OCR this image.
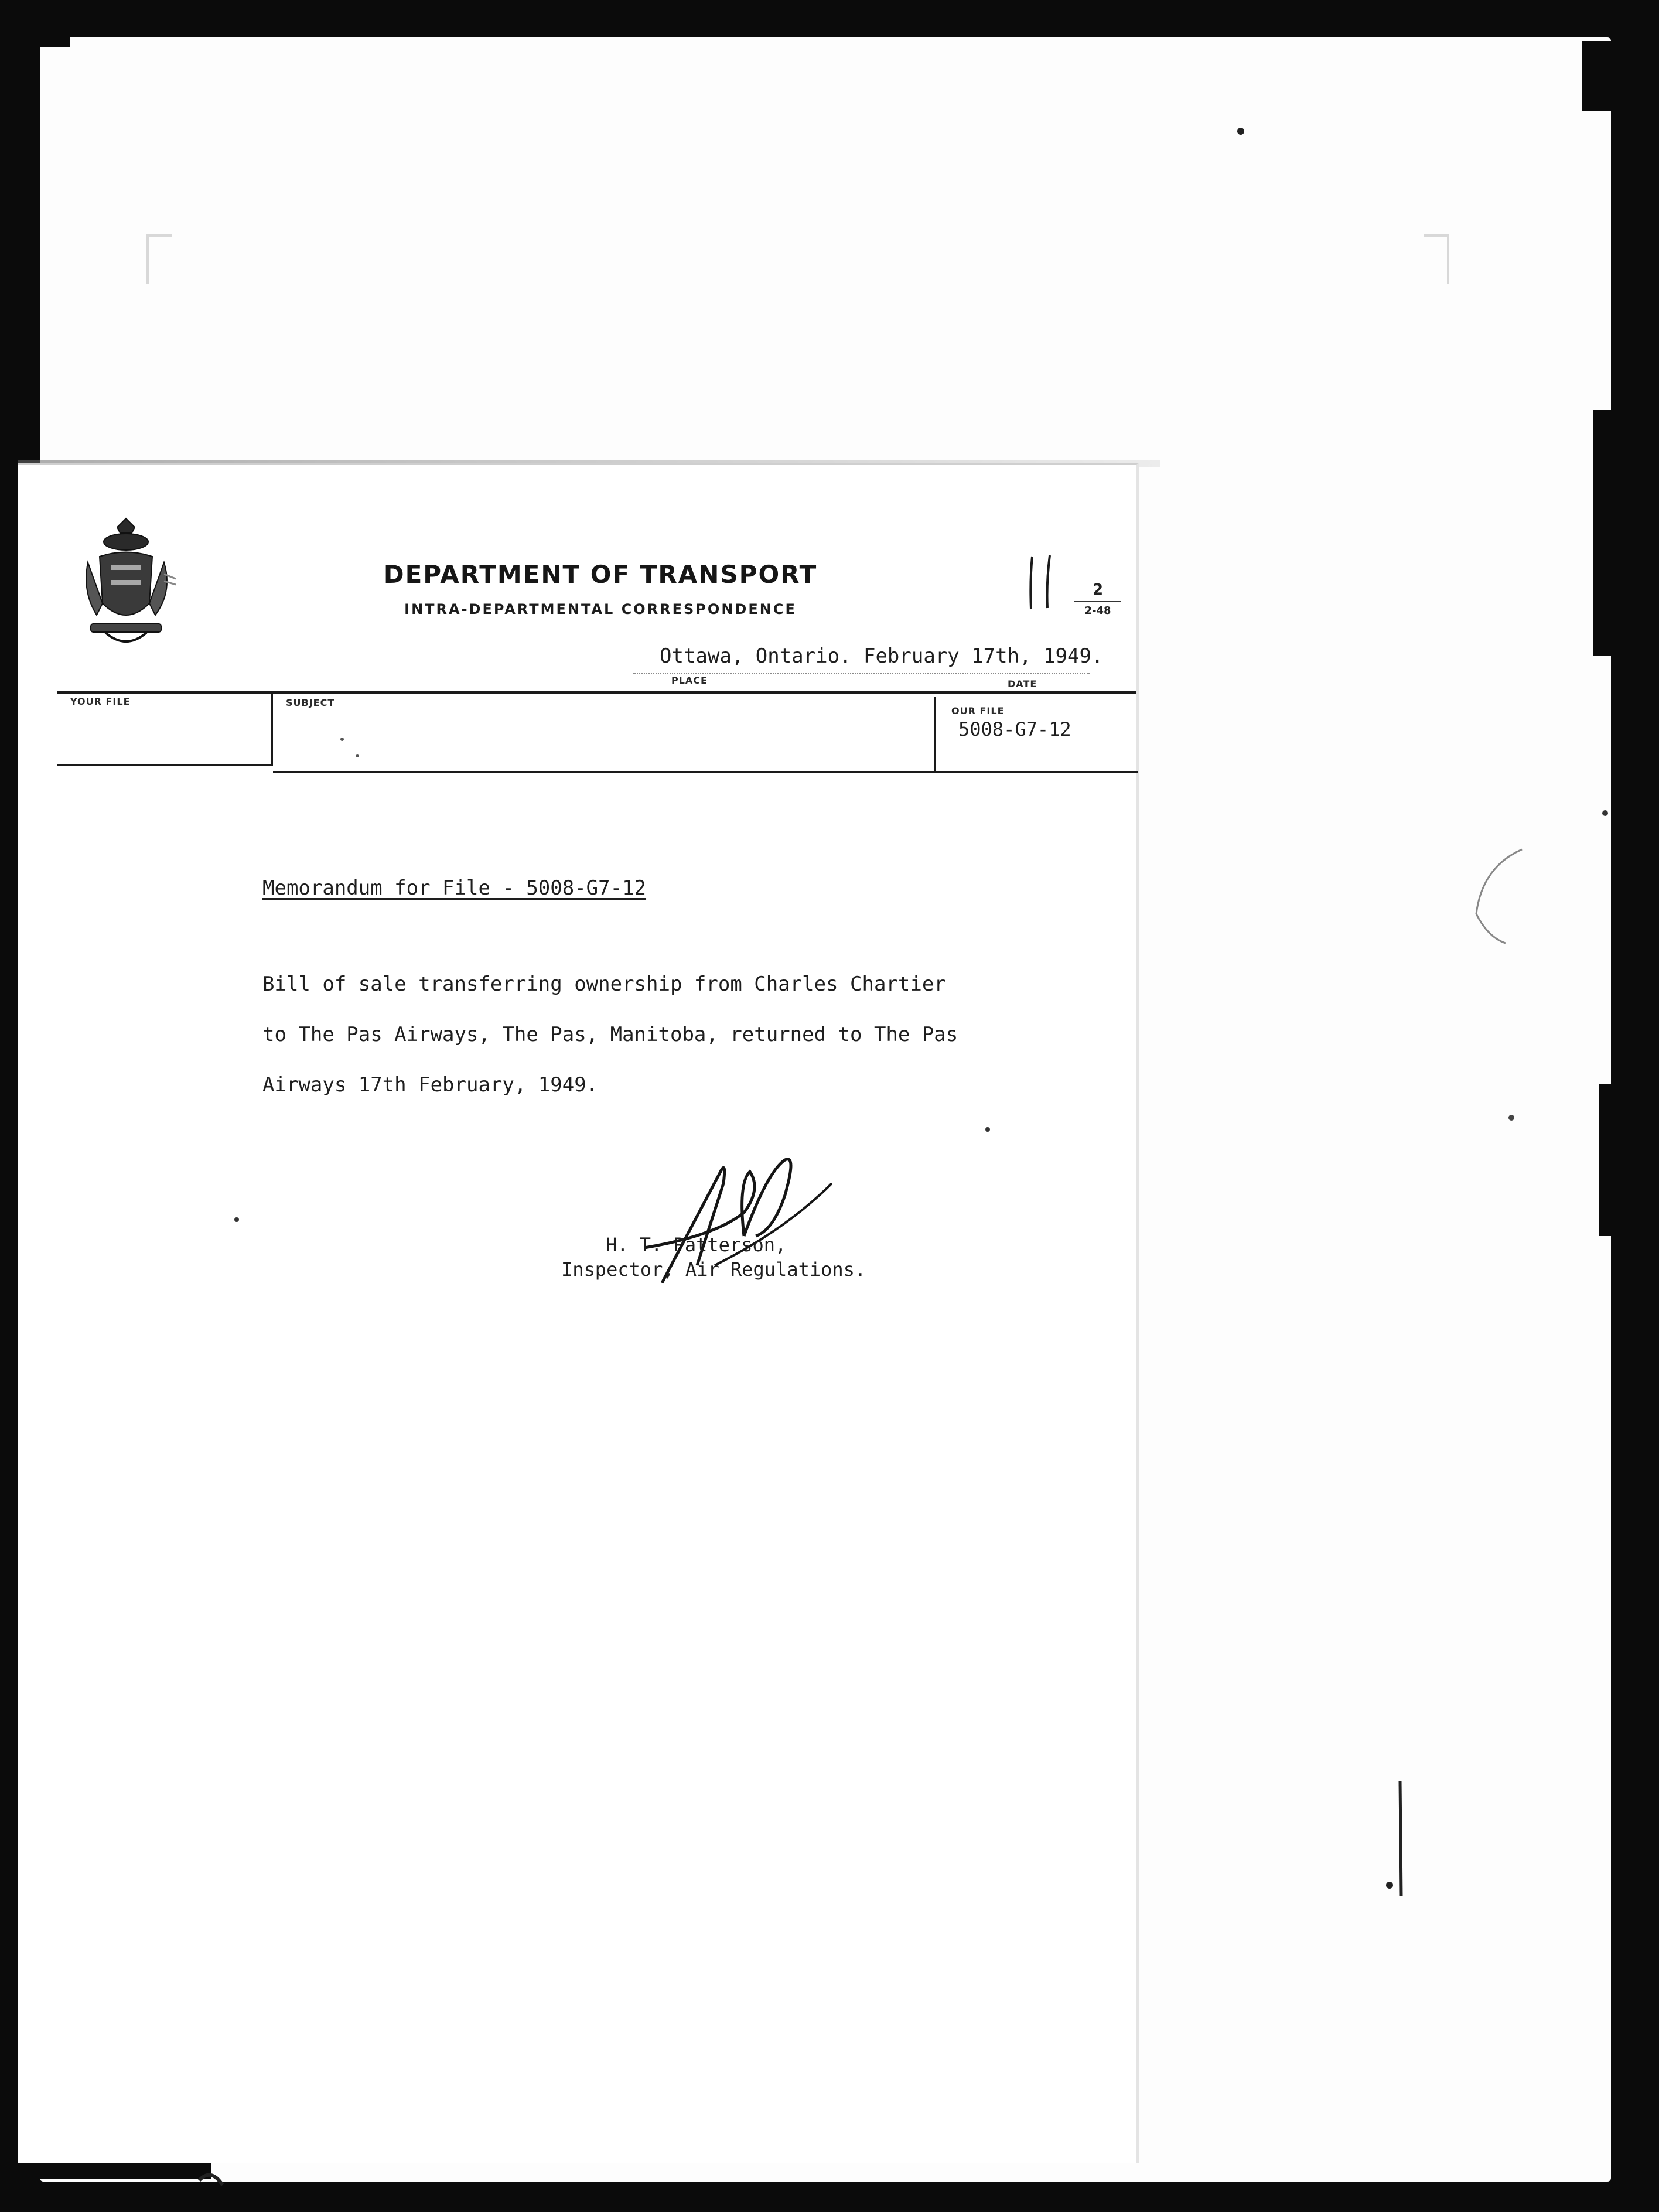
DEPARTMENT OF TRANSPORT
INTRA-DEPARTMENTAL CORRESPONDENCE
2
2-48
Ottawa, Ontario. February 17th, 1949.
PLACE	DATE
YOUR FILE	SUBJECT
OUR FILE
5008-G7-12
Memorandum for File - 5008-G7-12
Bill of sale transferring ownership from Charles Chartier
to The Pas Airways, The Pas, Manitoba, returned to The Pas
Airways 17th February, 1949.
H. T. Patterson,
Inspector, Air Regulations.
